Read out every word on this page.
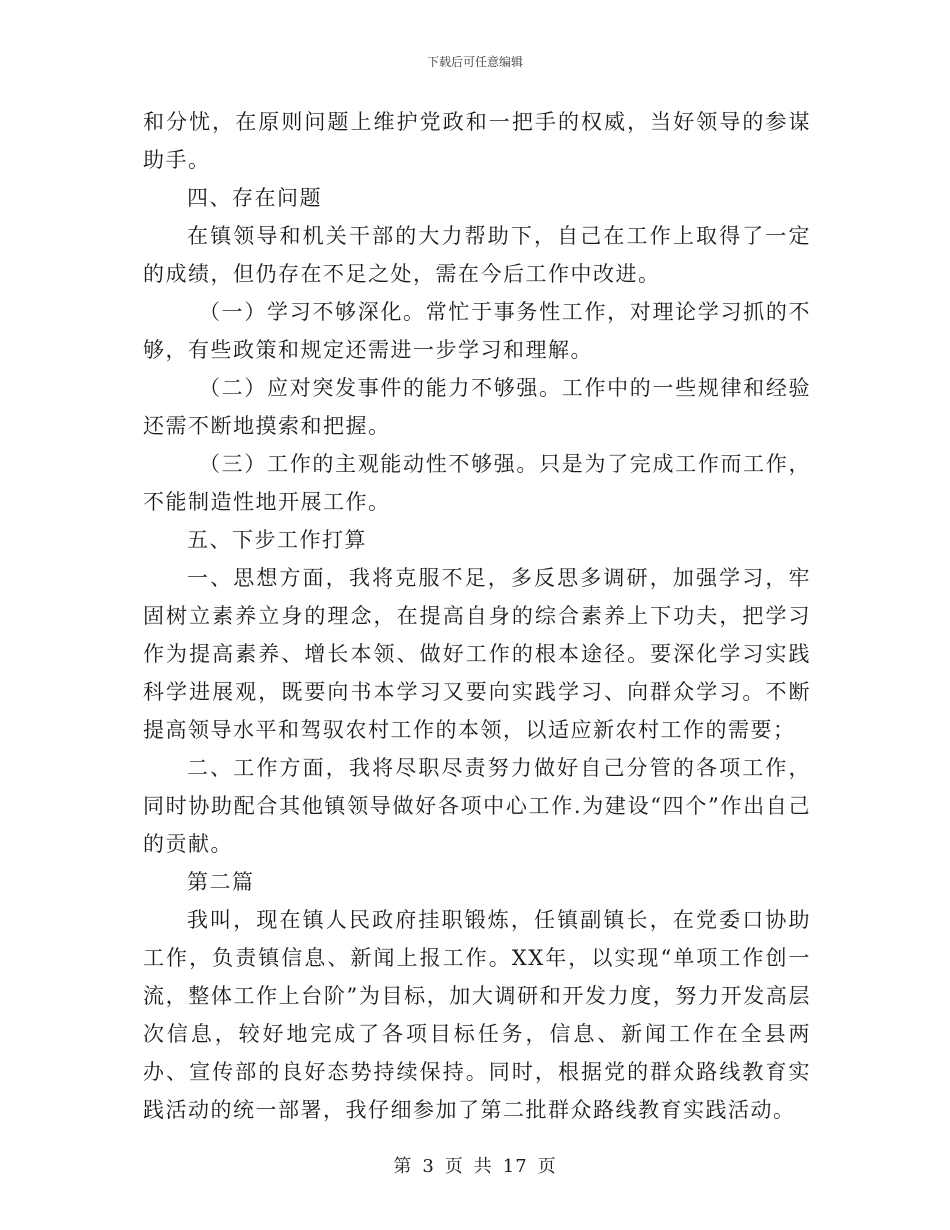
下载后可任意编辑

和分忧，在原则问题上维护党政和一把手的权威，当好领导的参谋助手。

四、存在问题

在镇领导和机关干部的大力帮助下，自己在工作上取得了一定的成绩，但仍存在不足之处，需在今后工作中改进。

（一）学习不够深化。常忙于事务性工作，对理论学习抓的不够，有些政策和规定还需进一步学习和理解。

（二）应对突发事件的能力不够强。工作中的一些规律和经验还需不断地摸索和把握。

（三）工作的主观能动性不够强。只是为了完成工作而工作，不能制造性地开展工作。

五、下步工作打算

一、思想方面，我将克服不足，多反思多调研，加强学习，牢固树立素养立身的理念，在提高自身的综合素养上下功夫，把学习作为提高素养、增长本领、做好工作的根本途径。要深化学习实践科学进展观，既要向书本学习又要向实践学习、向群众学习。不断提高领导水平和驾驭农村工作的本领，以适应新农村工作的需要；

二、工作方面，我将尽职尽责努力做好自己分管的各项工作，同时协助配合其他镇领导做好各项中心工作.为建设“四个”作出自己的贡献。

第二篇

我叫，现在镇人民政府挂职锻炼，任镇副镇长，在党委口协助工作，负责镇信息、新闻上报工作。XX年，以实现“单项工作创一流，整体工作上台阶”为目标，加大调研和开发力度，努力开发高层次信息，较好地完成了各项目标任务，信息、新闻工作在全县两办、宣传部的良好态势持续保持。同时，根据党的群众路线教育实践活动的统一部署，我仔细参加了第二批群众路线教育实践活动。

第 3 页 共 17 页
